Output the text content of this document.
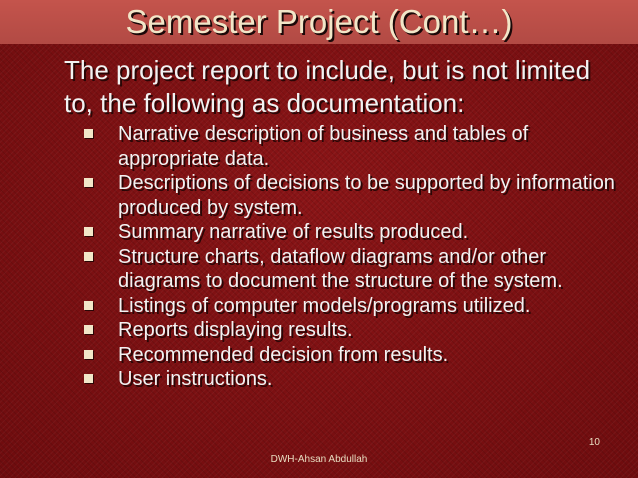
Semester Project (Cont…)

The project report to include, but is not limited to, the following as documentation:

Narrative description of business and tables of appropriate data.
Descriptions of decisions to be supported by information produced by system.
Summary narrative of results produced.
Structure charts, dataflow diagrams and/or other diagrams to document the structure of the system.
Listings of computer models/programs utilized.
Reports displaying results.
Recommended decision from results.
User instructions.
10
DWH-Ahsan Abdullah
